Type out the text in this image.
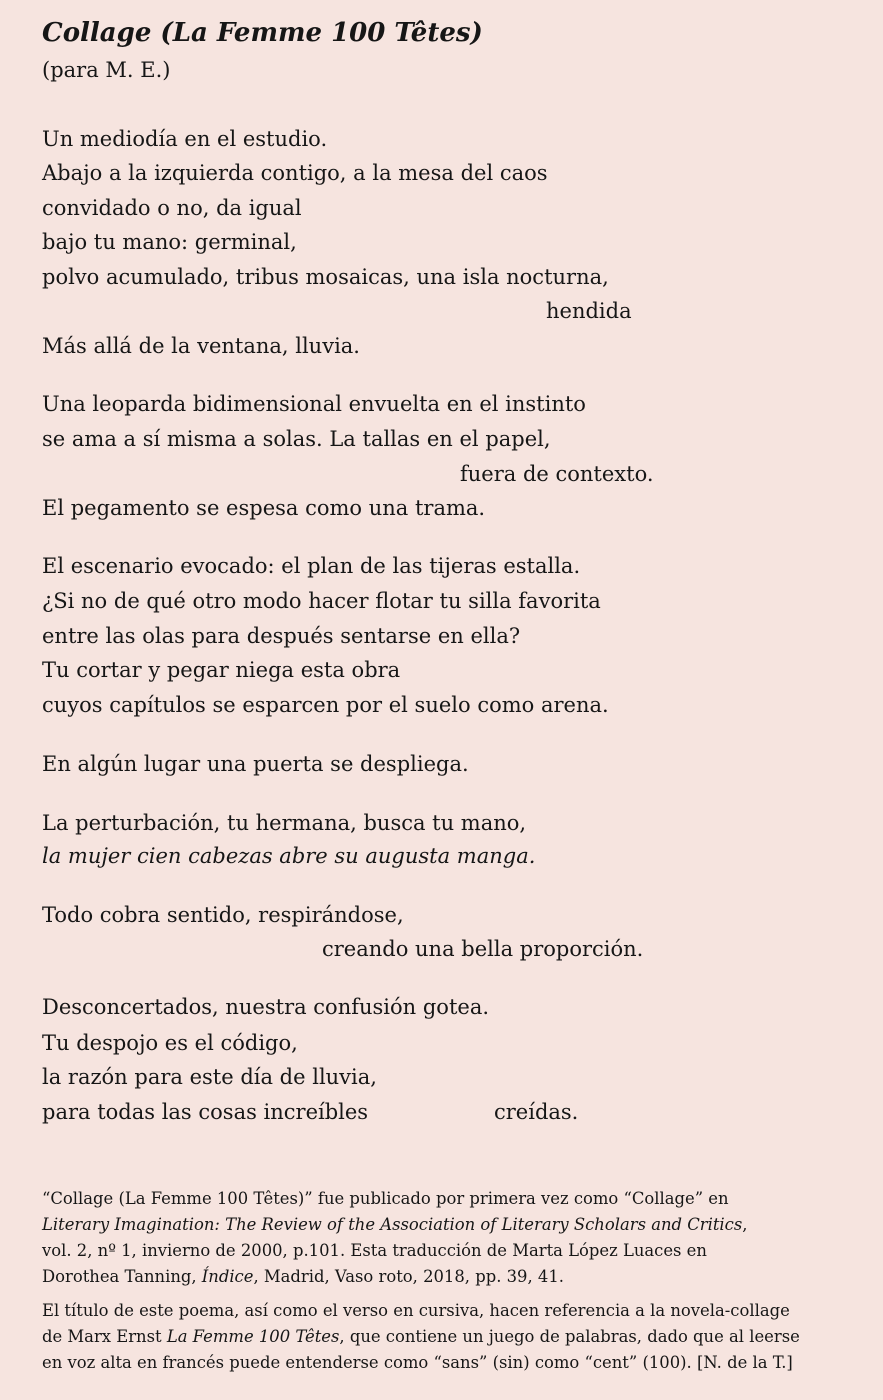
Collage (La Femme 100 Têtes)
(para M. E.)
Un mediodía en el estudio.
Abajo a la izquierda contigo, a la mesa del caos
convidado o no, da igual
bajo tu mano: germinal,
polvo acumulado, tribus mosaicas, una isla nocturna,
hendida
Más allá de la ventana, lluvia.
Una leoparda bidimensional envuelta en el instinto
se ama a sí misma a solas. La tallas en el papel,
fuera de contexto.
El pegamento se espesa como una trama.
El escenario evocado: el plan de las tijeras estalla.
¿Si no de qué otro modo hacer flotar tu silla favorita
entre las olas para después sentarse en ella?
Tu cortar y pegar niega esta obra
cuyos capítulos se esparcen por el suelo como arena.
En algún lugar una puerta se despliega.
La perturbación, tu hermana, busca tu mano,
la mujer cien cabezas abre su augusta manga.
Todo cobra sentido, respirándose,
creando una bella proporción.
Desconcertados, nuestra confusión gotea.
Tu despojo es el código,
la razón para este día de lluvia,
para todas las cosas increíbles	creídas.
“Collage (La Femme 100 Têtes)” fue publicado por primera vez como “Collage” en
Literary Imagination: The Review of the Association of Literary Scholars and Critics,
vol. 2, nº 1, invierno de 2000, p.101. Esta traducción de Marta López Luaces en
Dorothea Tanning, Índice, Madrid, Vaso roto, 2018, pp. 39, 41.
El título de este poema, así como el verso en cursiva, hacen referencia a la novela-collage
de Marx Ernst La Femme 100 Têtes, que contiene un juego de palabras, dado que al leerse
en voz alta en francés puede entenderse como “sans” (sin) como “cent” (100). [N. de la T.]
